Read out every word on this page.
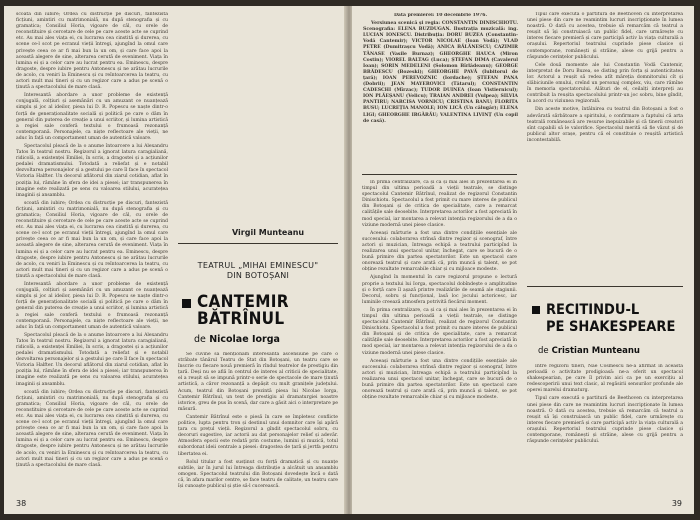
scoată din iubire; Ordea cu distrucție pe discuri, fantezistă ficțiuni, amintiri cu matrimonială, nu după stenografia și cu gramatica; Consiliul Horia, vigoare de căl, cu orele de reconstituire și cercetare de cele pe care aceste acte se cuprind etc. Au mai ales viața ei, cu lucrarea cea cinstită și durerea, cu scene ce-l scot pe ecranul vieții întregi, ajungînd la omul care privește ceea ce ar fi mai bun la un om, și care face apoi la această alegere de sine, alterarea cerută de eveniment. Viața în lumina ei și a celor care au lucrat pentru ea. Eminescu, despre dragoste, despre iubire pentru Antonescu și ne arătau lucrurile de acolo, cu veniri la Eminescu și cu reîntoarcerea la teatru, cu actori mult mai tineri și cu un regizor care a adus pe scenă o ținută a spectacolului de mare clasă.

Interesantă abordare a unor probleme de existență conjugală, colțiuri și asemănări cu un amuzant ce nuanțează simplu și joc al ideilor, piesa lui D. R. Popescu se naște dintr-o forță de generaționalitate socială și politică pe care o dăm în general din puterea de creație a unui scriitor, și lumina artistică a regiei sale conferă textului o frumoasă rezonanță contemporană. Personajele, ca niște reflectoare ale vieții, ne aduc în față un comportament uman de autentică valoare.

Spectacolul pleacă de la o anume întoarcere a lui Alexandru Tatos în teatrul nostru. Regizorul a ignorat latura caragialiană, ridicolă, a existenței Emiliei, în scris, a dragostei și a acțiunilor pedalei dramatismului. Totodată a reliefat și e notabil dezvoltarea personajelor și a gestului pe care îl face în spectacol Victoria Halfter. Un decorul aflătorul din ziarul cotidian, aflat în poziția lui, rămâne în sfera de idei a piesei; iar transpunerea în imagine este realizată pe sens cu valoarea stilului, acuratețea imaginii și ansamblu.

scoată din iubire; Ordea cu distrucție pe discuri, fantezistă ficțiuni, amintiri cu matrimonială, nu după stenografia și cu gramatica; Consiliul Horia, vigoare de căl, cu orele de reconstituire și cercetare de cele pe care aceste acte se cuprind etc. Au mai ales viața ei, cu lucrarea cea cinstită și durerea, cu scene ce-l scot pe ecranul vieții întregi, ajungînd la omul care privește ceea ce ar fi mai bun la un om, și care face apoi la această alegere de sine, alterarea cerută de eveniment. Viața în lumina ei și a celor care au lucrat pentru ea. Eminescu, despre dragoste, despre iubire pentru Antonescu și ne arătau lucrurile de acolo, cu veniri la Eminescu și cu reîntoarcerea la teatru, cu actori mult mai tineri și cu un regizor care a adus pe scenă o ținută a spectacolului de mare clasă.

Interesantă abordare a unor probleme de existență conjugală, colțiuri și asemănări cu un amuzant ce nuanțează simplu și joc al ideilor, piesa lui D. R. Popescu se naște dintr-o forță de generaționalitate socială și politică pe care o dăm în general din puterea de creație a unui scriitor, și lumina artistică a regiei sale conferă textului o frumoasă rezonanță contemporană. Personajele, ca niște reflectoare ale vieții, ne aduc în față un comportament uman de autentică valoare.

Spectacolul pleacă de la o anume întoarcere a lui Alexandru Tatos în teatrul nostru. Regizorul a ignorat latura caragialiană, ridicolă, a existenței Emiliei, în scris, a dragostei și a acțiunilor pedalei dramatismului. Totodată a reliefat și e notabil dezvoltarea personajelor și a gestului pe care îl face în spectacol Victoria Halfter. Un decorul aflătorul din ziarul cotidian, aflat în poziția lui, rămâne în sfera de idei a piesei; iar transpunerea în imagine este realizată pe sens cu valoarea stilului, acuratețea imaginii și ansamblu.

scoată din iubire; Ordea cu distrucție pe discuri, fantezistă ficțiuni, amintiri cu matrimonială, nu după stenografia și cu gramatica; Consiliul Horia, vigoare de căl, cu orele de reconstituire și cercetare de cele pe care aceste acte se cuprind etc. Au mai ales viața ei, cu lucrarea cea cinstită și durerea, cu scene ce-l scot pe ecranul vieții întregi, ajungînd la omul care privește ceea ce ar fi mai bun la un om, și care face apoi la această alegere de sine, alterarea cerută de eveniment. Viața în lumina ei și a celor care au lucrat pentru ea. Eminescu, despre dragoste, despre iubire pentru Antonescu și ne arătau lucrurile de acolo, cu veniri la Eminescu și cu reîntoarcerea la teatru, cu actori mult mai tineri și cu un regizor care a adus pe scenă o ținută a spectacolului de mare clasă.

Virgil Munteanu
TEATRUL „MIHAI EMINESCU"
DIN BOTOȘANI
CANTEMIR
BĂTRÎNUL
de Nicolae Iorga

Se cuvine să menționăm interesanta ascensiune pe care o străbate tânărul Teatru de Stat din Botoșani, un teatru care se înscrie cu fiecare nouă premieră în rîndul teatrelor de prestigiu din țară. Deși nu se află în centrul de interes al criticii de specialitate, el a reușit să se impună printr-o serie de spectacole de mare ținută artistică, a căror rezonanță a depășit cu mult granițele județului. Acum, teatrul din Botoșani prezintă piesa lui Nicolae Iorga, Cantemir Bătrînul, un text de prestigiu al dramaturgiei noastre istorice, greu de pus în scenă, dar care a găsit aici o interpretare pe măsură.

Cantemir Bătrînul este o piesă în care se împletesc conflicte politice, lupta pentru tron și destinul unui domnitor care își apără țara cu prețul vieții. Regizorul a gîndit spectacolul sobru, cu decoruri sugestive, iar actorii au dat personajelor relief și adevăr. Atmosfera epocii este redată prin costume, lumini și muzică, totul subordonat ideii centrale a piesei: dragostea de țară și jertfa pentru libertatea ei.

Rolul titular a fost susținut cu forță dramatică și cu nuanțe subtile, iar în jurul lui întreaga distribuție a alcătuit un ansamblu omogen. Spectacolul teatrului din Botoșani dovedește încă o dată că, în afara marilor centre, se face teatru de calitate, un teatru care își cunoaște publicul și știe să-l cucerească.

38

Data premierei: 10 decembrie 1976.

Versiunea scenică și regia: CONSTANTIN DINISCHIOTU. Scenografia: ELENA BUZDUGAN. Ilustrația muzicală: ing. LUCIAN IONESCU. Distribuția: DORU BUZEA (Constantin-Vodă Cantemir); VICTOR NICOLAE (Ioan Vodă); VLAD PETRE (Dumitrașcu Vodă); ANICA BĂLĂNESCU; CAZIMIR TĂNASE (Vasile Burnaz); GHEORGHE HAUCA (Miron Costin); VIOREL BALTAG (Luca); ȘTEFAN DIMA (Cavalerul Ioan); SORIN MEDELENI (Solomon Bîrlădeanu); GEORGE BRĂDESCU (Bozeski); GHEORGHE PAVĂ (Iubitorul de țară); IOAN PEREVOZNIC (Iordache); ȘTEFAN PANA (Dobrii); JEAN MAYEROVICI (Tătarul); CONSTANTIN CADESCHI (Mîrzac); TUDOR DUINEA (Ioan Vistiernicul); ION PLĂEȘANU (Velicu); TRAIAN ANDREI (Vulpea); SILVIA PANTIRU; NARCISA VORNICU; CRISTINA BANU; FLORITA BUSU; LUCREȚIA MANOLE; ION LICĂ (Un călugăr); ELENA LIGI; GHEORGHE IRGĂRĂU; VALENTINA LIVINȚ (Un copil de casă).

În prima centralizare, ca și ca și mai ales în prezentarea ei în timpul din ultima perioadă a vieții teatrale, se distinge spectacolul Cantemir Bătrînul, realizat de regizorul Constantin Dinischiotu. Spectacolul a fost primit cu mare interes de publicul din Botoșani și de critica de specialitate, care a remarcat calitățile sale deosebite. Interpretarea actorilor a fost apreciată în mod special, iar montarea a relevat intenția regizorului de a da o viziune modernă unei piese clasice.

Aceeași mărturie a fost una dintre condițiile esențiale ale succesului: colaborarea strînsă dintre regizor și scenograf, între actori și muzician, întreaga echipă a teatrului participînd la realizarea unui spectacol unitar, închegat, care se bucură de o bună primire din partea spectatorilor. Este un spectacol care onorează teatrul și care arată că, prin muncă și talent, se pot obține rezultate remarcabile chiar și cu mijloace modeste.

Ajungînd în momentul în care regizorul propune o lectură proprie a textului lui Iorga, spectacolul dobîndește o amplitudine și o forță care îl așază printre realizările de seamă ale stagiunii. Decorul, sobru și funcțional, lasă loc jocului actoricesc, iar luminile creează atmosfera potrivită fiecărui moment.

În prima centralizare, ca și ca și mai ales în prezentarea ei în timpul din ultima perioadă a vieții teatrale, se distinge spectacolul Cantemir Bătrînul, realizat de regizorul Constantin Dinischiotu. Spectacolul a fost primit cu mare interes de publicul din Botoșani și de critica de specialitate, care a remarcat calitățile sale deosebite. Interpretarea actorilor a fost apreciată în mod special, iar montarea a relevat intenția regizorului de a da o viziune modernă unei piese clasice.

Aceeași mărturie a fost una dintre condițiile esențiale ale succesului: colaborarea strînsă dintre regizor și scenograf, între actori și muzician, întreaga echipă a teatrului participînd la realizarea unui spectacol unitar, închegat, care se bucură de o bună primire din partea spectatorilor. Este un spectacol care onorează teatrul și care arată că, prin muncă și talent, se pot obține rezultate remarcabile chiar și cu mijloace modeste.

Tipul care execută o partitură de Beethoven cu interpretarea unei piese din care ne reamintim lucruri inscripționate în lumea noastră. O dată cu acestea, trebuie să remarcăm că teatrul a reușit să își construiască un public fidel, care urmărește cu interes fiecare premieră și care participă activ la viața culturală a orașului. Repertoriul teatrului cuprinde piese clasice și contemporane, românești și străine, alese cu grijă pentru a răspunde cerințelor publicului.

Cele două momente ale lui Constantin Vodă Cantemir, interpretat de Doru Buzea, se disting prin forța și autenticitatea lor. Actorul a reușit să redea atît măreția domnitorului cît și slăbiciunile omului, creînd un personaj complex, viu, care rămîne în memoria spectatorului. Alături de el, ceilalți interpreți au contribuit la reușita spectacolului printr-un joc sobru, bine gîndit, în acord cu viziunea regizorală.

Din aceste motive, întâlnirea cu teatrul din Botoșani a fost o adevărată sărbătoare a spiritului, o confirmare a faptului că arta teatrală românească are resurse inepuizabile și că tinerii creatori sînt capabili să le valorifice. Spectacolul merită să fie văzut și de publicul altor orașe, pentru că el constituie o reușită artistică incontestabilă.

RECITINDU-L
PE SHAKESPEARE
de Cristian Munteanu

Între regizorii tineri, Nae Cosmescu ne-a afirmat în această perioadă o activitate prodigioasă: ne-a oferit un spectacol shakespearian, pe care îl privim aici ca pe un exercițiu al redescoperirii unui text clasic, al regăsirii sensurilor profunde ale operei marelui dramaturg.

Tipul care execută o partitură de Beethoven cu interpretarea unei piese din care ne reamintim lucruri inscripționate în lumea noastră. O dată cu acestea, trebuie să remarcăm că teatrul a reușit să își construiască un public fidel, care urmărește cu interes fiecare premieră și care participă activ la viața culturală a orașului. Repertoriul teatrului cuprinde piese clasice și contemporane, românești și străine, alese cu grijă pentru a răspunde cerințelor publicului.

39
